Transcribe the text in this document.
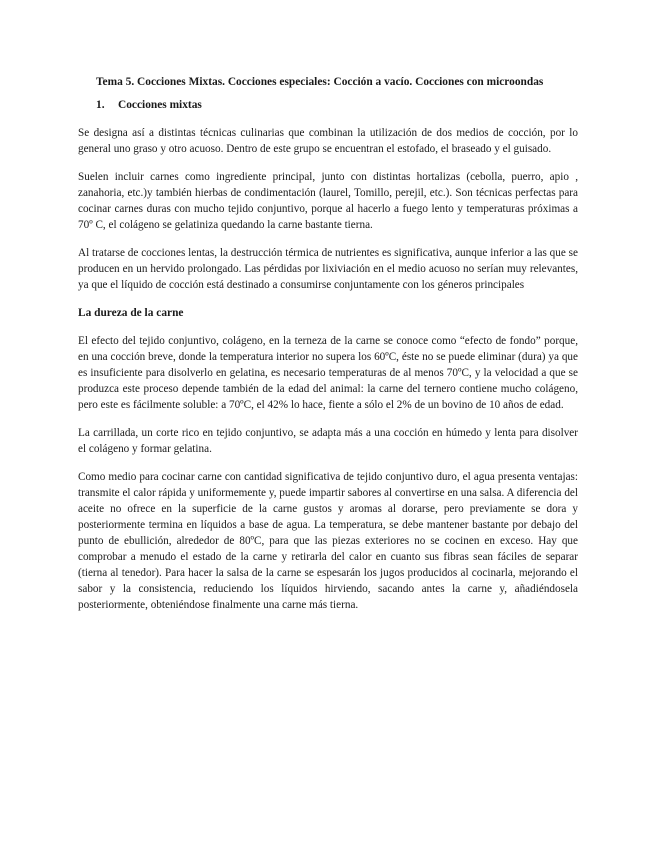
Tema 5. Cocciones Mixtas. Cocciones especiales: Cocción a vacío. Cocciones con microondas
1.	Cocciones mixtas

Se designa así a distintas técnicas culinarias que combinan la utilización de dos medios de cocción, por lo general uno graso y otro acuoso. Dentro de este grupo se encuentran el estofado, el braseado y el guisado.

Suelen incluir carnes como ingrediente principal, junto con distintas hortalizas (cebolla, puerro, apio , zanahoria, etc.)y también hierbas de condimentación (laurel, Tomillo, perejil, etc.). Son técnicas perfectas para cocinar carnes duras con mucho tejido conjuntivo, porque al hacerlo a fuego lento y temperaturas próximas a 70º C, el colágeno se gelatiniza quedando la carne bastante tierna.

Al tratarse de cocciones lentas, la destrucción térmica de nutrientes es significativa, aunque inferior a las que se producen en un hervido prolongado. Las pérdidas por lixiviación en el medio acuoso no serían muy relevantes, ya que el líquido de cocción está destinado a consumirse conjuntamente con los géneros principales

La dureza de la carne

El efecto del tejido conjuntivo, colágeno, en la terneza de la carne se conoce como “efecto de fondo” porque, en una cocción breve, donde la temperatura interior no supera los 60ºC, éste no se puede eliminar (dura) ya que es insuficiente para disolverlo en gelatina, es necesario temperaturas de al menos 70ºC, y la velocidad a que se produzca este proceso depende también de la edad del animal: la carne del ternero contiene mucho colágeno, pero este es fácilmente soluble: a 70ºC, el 42% lo hace, fiente a sólo el 2% de un bovino de 10 años de edad.

La carrillada, un corte rico en tejido conjuntivo, se adapta más a una cocción en húmedo y lenta para disolver el colágeno y formar gelatina.

Como medio para cocinar carne con cantidad significativa de tejido conjuntivo duro, el agua presenta ventajas: transmite el calor rápida y uniformemente y, puede impartir sabores al convertirse en una salsa. A diferencia del aceite no ofrece en la superficie de la carne gustos y aromas al dorarse, pero previamente se dora y posteriormente termina en líquidos a base de agua. La temperatura, se debe mantener bastante por debajo del punto de ebullición, alrededor de 80ºC, para que las piezas exteriores no se cocinen en exceso. Hay que comprobar a menudo el estado de la carne y retirarla del calor en cuanto sus fibras sean fáciles de separar (tierna al tenedor). Para hacer la salsa de la carne se espesarán los jugos producidos al cocinarla, mejorando el sabor y la consistencia, reduciendo los líquidos hirviendo, sacando antes la carne y, añadiéndosela posteriormente, obteniéndose finalmente una carne más tierna.
